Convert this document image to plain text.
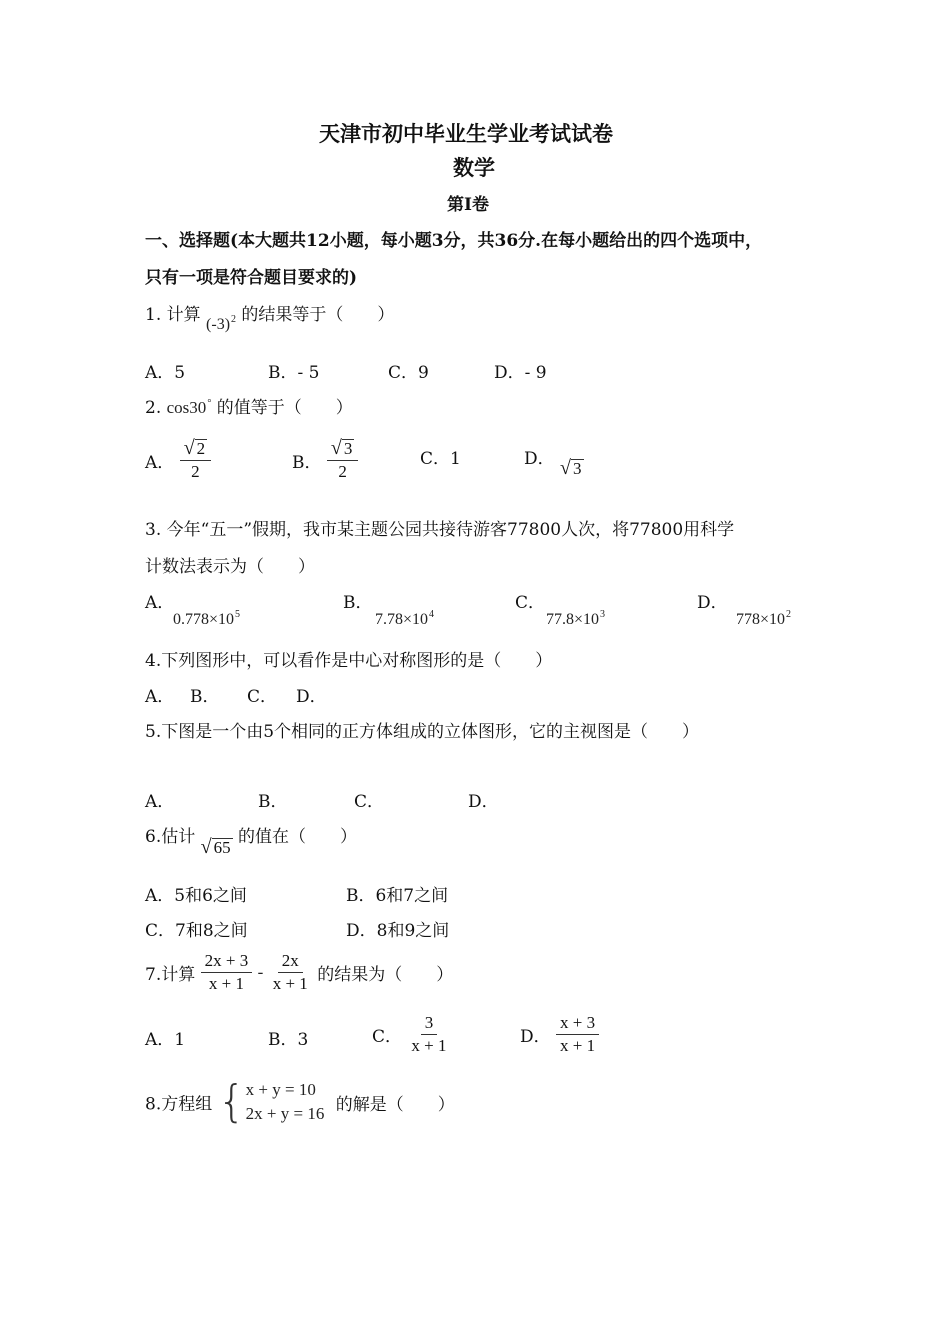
天津市初中毕业生学业考试试卷
数学
第Ⅰ卷
一、选择题(本大题共12小题，每小题3分，共36分.在每小题给出的四个选项中，
只有一项是符合题目要求的)
1. 计算 $(-3)^2$ 的结果等于（　　）
A．5	B．- 5	C．9	D．- 9
2. cos30° 的值等于（　　）
A． $\frac{√ 2}{2}$	B． $\frac{√ 3}{2}$	C．1	D． √ 3
3. 今年“五一”假期，我市某主题公园共接待游客77800人次，将77800用科学
计数法表示为（　　）
A．
$0.778\times 10^5$
B．
$7.78\times 10^4$
C．
$77.8\times 10^3$
D．
$778\times 10^2$
4.下列图形中，可以看作是中心对称图形的是（　　）
A． B． C． D．
5.下图是一个由5个相同的正方体组成的立体图形，它的主视图是（　　）
A．	B．	C．	D．
6.估计 √ 65
的值在（　　）
A．5和6之间	B．6和7之间
C．7和8之间	D．8和9之间
7.计算 $\frac{2x + 3}{x + 1} - \frac{2x}{x + 1}$ 的结果为（　　）
A．1	B．3	C． $\frac{3}{x + 1}$	D． $\frac{x + 3}{x + 1}$
8.方程组 { x + y = 10
2x + y = 16 的解是（　　）
